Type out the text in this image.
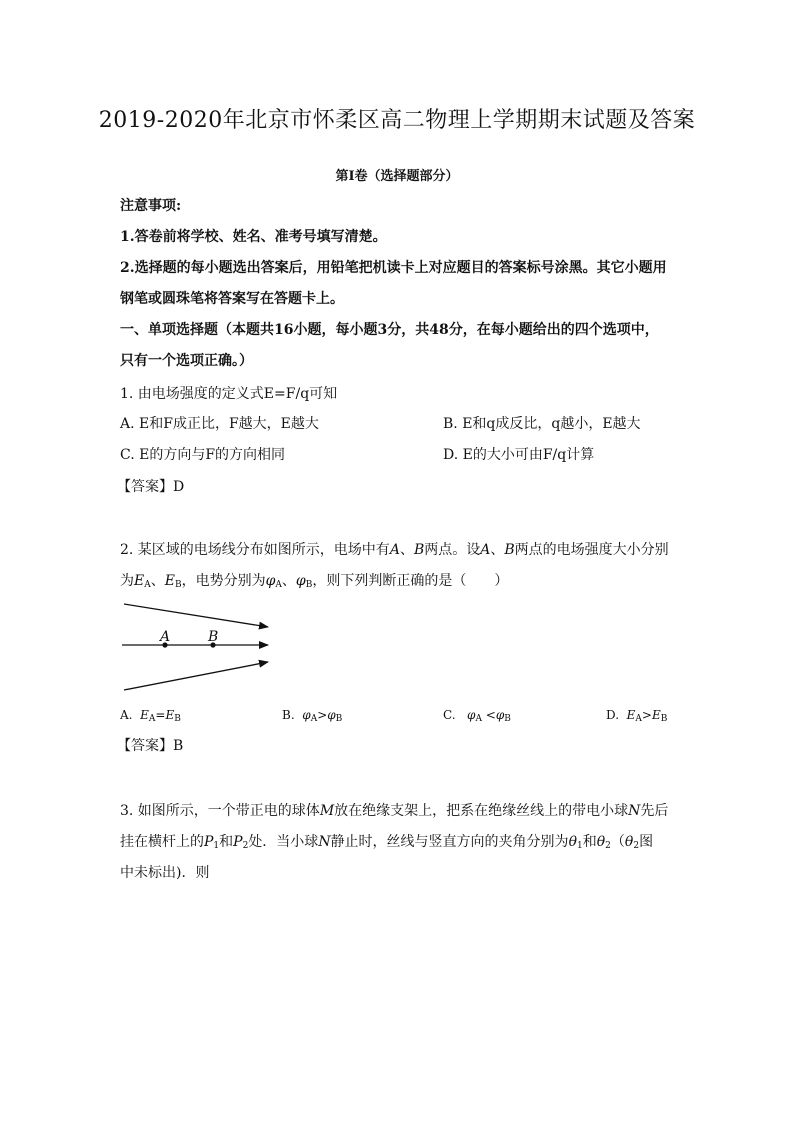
2019-2020年北京市怀柔区高二物理上学期期末试题及答案
第Ⅰ卷（选择题部分）
注意事项:
1.答卷前将学校、姓名、准考号填写清楚。
2.选择题的每小题选出答案后，用铅笔把机读卡上对应题目的答案标号涂黑。其它小题用
钢笔或圆珠笔将答案写在答题卡上。
一、单项选择题（本题共16小题，每小题3分，共48分，在每小题给出的四个选项中，
只有一个选项正确。）
1. 由电场强度的定义式E=F/q可知
A. E和F成正比，F越大，E越大	B. E和q成反比，q越小，E越大
C. E的方向与F的方向相同	D. E的大小可由F/q计算
【答案】D
2. 某区域的电场线分布如图所示，电场中有A、B两点。设A、B两点的电场强度大小分别
为$E_A$、$E_B$，电势分别为$\varphi_A$、$\varphi_B$，则下列判断正确的是（　　）
A	B
A. $E_A=E_B$	B. $\varphi_A>\varphi_B$	C. $\varphi_A <\varphi_B$	D. $E_A>E_B$
【答案】B
3. 如图所示，一个带正电的球体M放在绝缘支架上，把系在绝缘丝线上的带电小球N先后
挂在横杆上的$P_1$和$P_2$处．当小球N静止时，丝线与竖直方向的夹角分别为$\theta_1$和$\theta_2(\theta_2$图
中未标出)．则
